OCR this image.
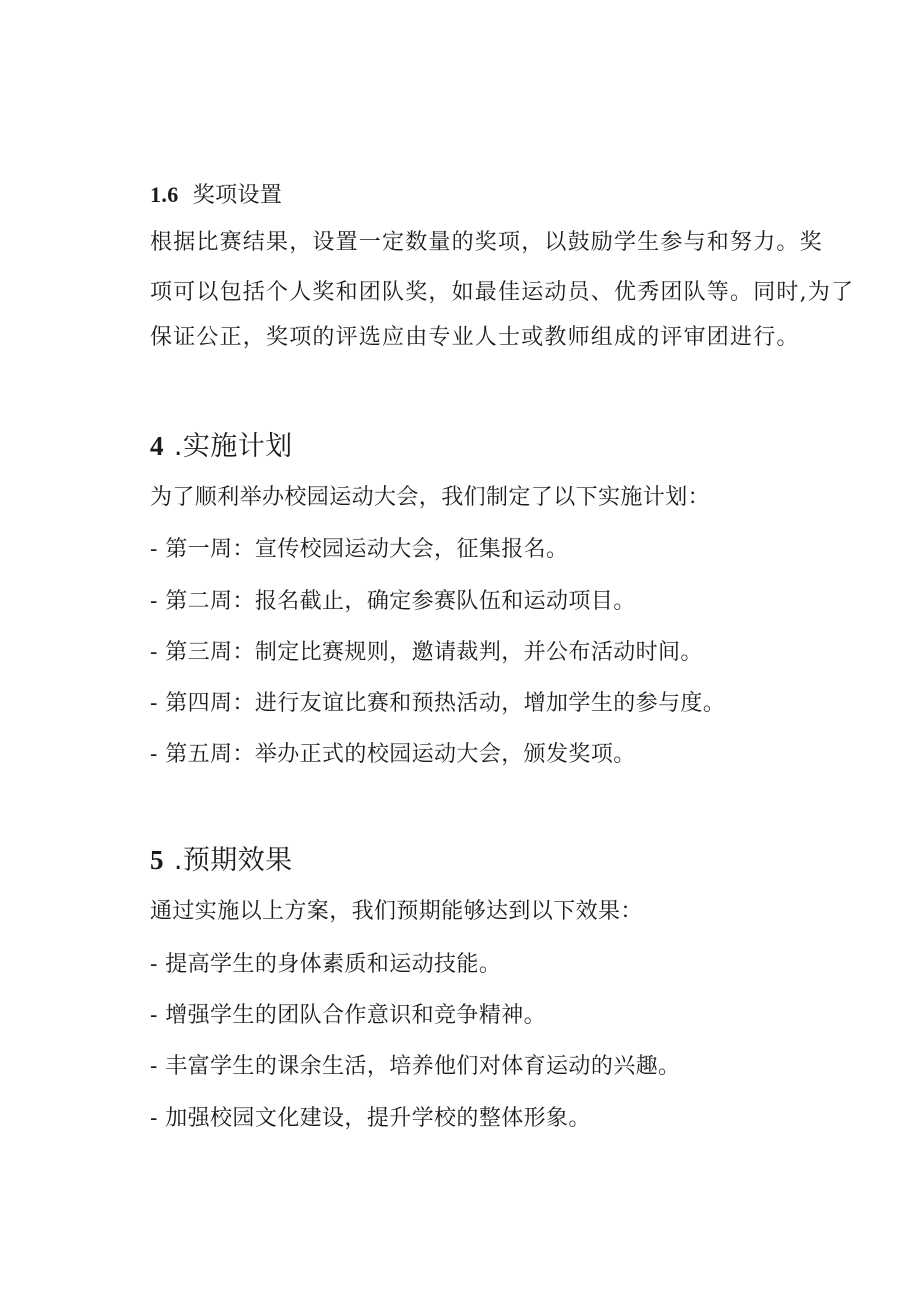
1.6 奖项设置
根据比赛结果，设置一定数量的奖项，以鼓励学生参与和努力。奖
项可以包括个人奖和团队奖，如最佳运动员、优秀团队等。同时,为了
保证公正，奖项的评选应由专业人士或教师组成的评审团进行。
4 .实施计划
为了顺利举办校园运动大会，我们制定了以下实施计划：
- 第一周：宣传校园运动大会，征集报名。
- 第二周：报名截止，确定参赛队伍和运动项目。
- 第三周：制定比赛规则，邀请裁判，并公布活动时间。
- 第四周：进行友谊比赛和预热活动，增加学生的参与度。
- 第五周：举办正式的校园运动大会，颁发奖项。
5 .预期效果
通过实施以上方案，我们预期能够达到以下效果：
- 提高学生的身体素质和运动技能。
- 增强学生的团队合作意识和竞争精神。
- 丰富学生的课余生活，培养他们对体育运动的兴趣。
- 加强校园文化建设，提升学校的整体形象。
